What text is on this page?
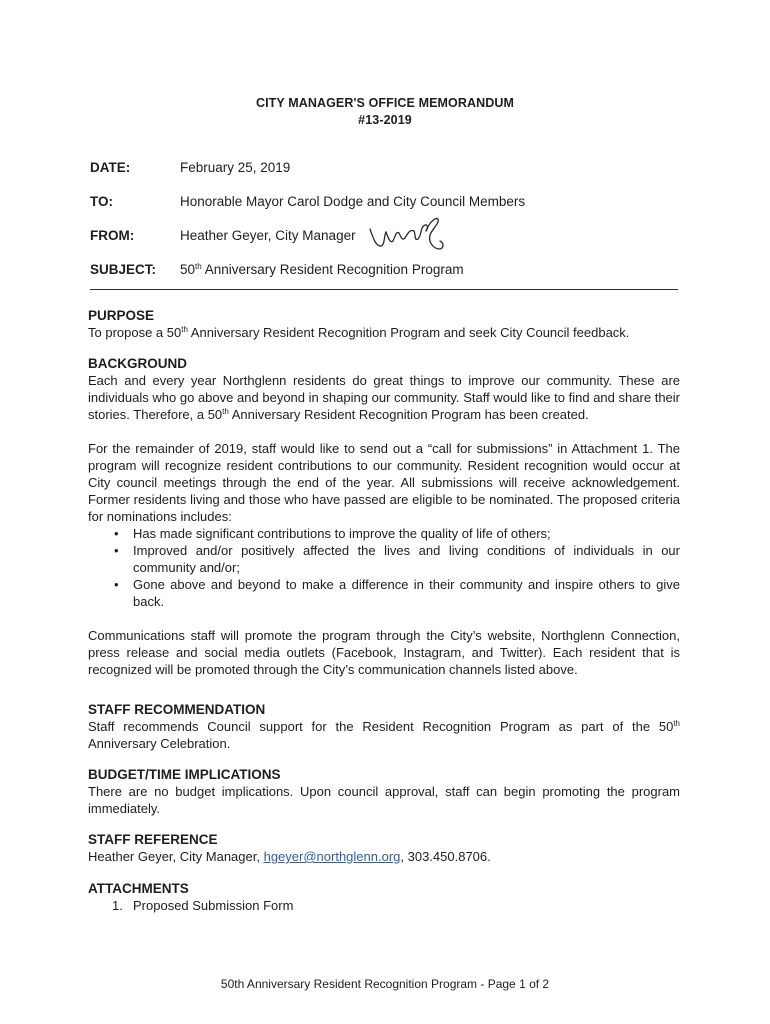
CITY MANAGER'S OFFICE MEMORANDUM
#13-2019
DATE:	February 25, 2019
TO:	Honorable Mayor Carol Dodge and City Council Members
FROM:	Heather Geyer, City Manager
SUBJECT: 50th Anniversary Resident Recognition Program

PURPOSE

To propose a 50th Anniversary Resident Recognition Program and seek City Council feedback.

BACKGROUND

Each and every year Northglenn residents do great things to improve our community. These are individuals who go above and beyond in shaping our community. Staff would like to find and share their stories. Therefore, a 50th Anniversary Resident Recognition Program has been created.

For the remainder of 2019, staff would like to send out a “call for submissions” in Attachment 1. The program will recognize resident contributions to our community. Resident recognition would occur at City council meetings through the end of the year. All submissions will receive acknowledgement. Former residents living and those who have passed are eligible to be nominated. The proposed criteria for nominations includes:

• Has made significant contributions to improve the quality of life of others;
• Improved and/or positively affected the lives and living conditions of individuals in our community and/or;
• Gone above and beyond to make a difference in their community and inspire others to give back.

Communications staff will promote the program through the City’s website, Northglenn Connection, press release and social media outlets (Facebook, Instagram, and Twitter). Each resident that is recognized will be promoted through the City’s communication channels listed above.

STAFF RECOMMENDATION

Staff recommends Council support for the Resident Recognition Program as part of the 50th Anniversary Celebration.

BUDGET/TIME IMPLICATIONS

There are no budget implications. Upon council approval, staff can begin promoting the program immediately.

STAFF REFERENCE

Heather Geyer, City Manager, hgeyer@northglenn.org, 303.450.8706.

ATTACHMENTS

1. Proposed Submission Form
50th Anniversary Resident Recognition Program - Page 1 of 2
